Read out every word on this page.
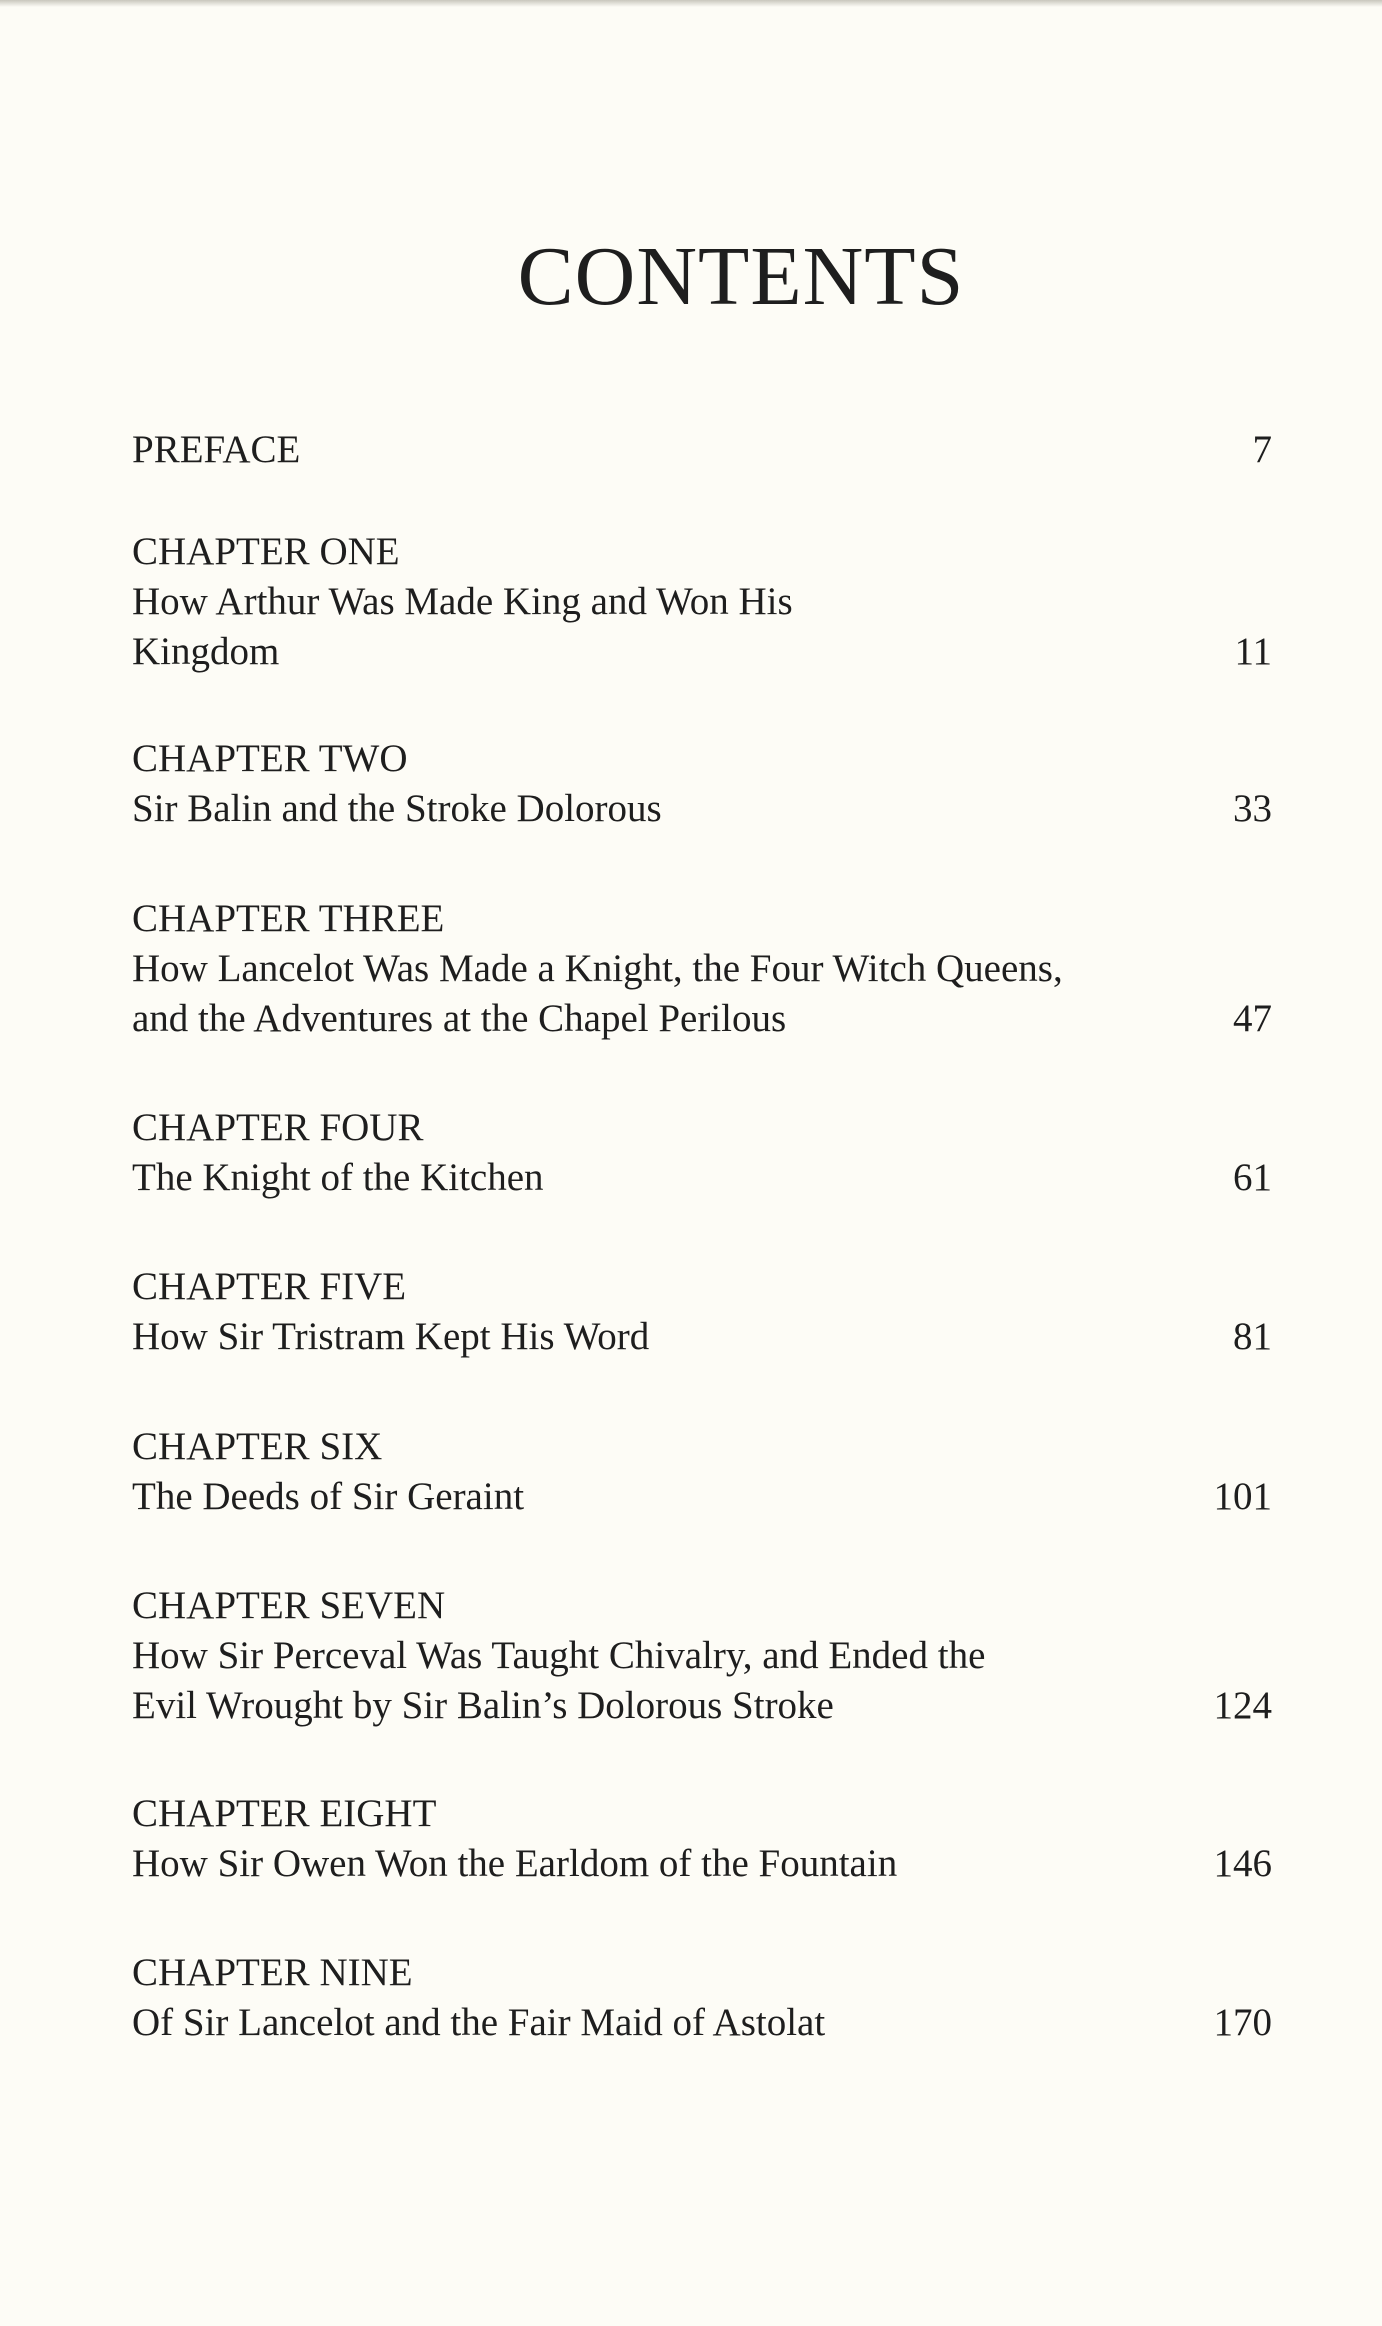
CONTENTS
PREFACE	7
CHAPTER ONE
How Arthur Was Made King and Won His
Kingdom	11
CHAPTER TWO
Sir Balin and the Stroke Dolorous	33
CHAPTER THREE
How Lancelot Was Made a Knight, the Four Witch Queens,
and the Adventures at the Chapel Perilous	47
CHAPTER FOUR
The Knight of the Kitchen	61
CHAPTER FIVE
How Sir Tristram Kept His Word	81
CHAPTER SIX
The Deeds of Sir Geraint	101
CHAPTER SEVEN
How Sir Perceval Was Taught Chivalry, and Ended the
Evil Wrought by Sir Balin’s Dolorous Stroke	124
CHAPTER EIGHT
How Sir Owen Won the Earldom of the Fountain	146
CHAPTER NINE
Of Sir Lancelot and the Fair Maid of Astolat	170
